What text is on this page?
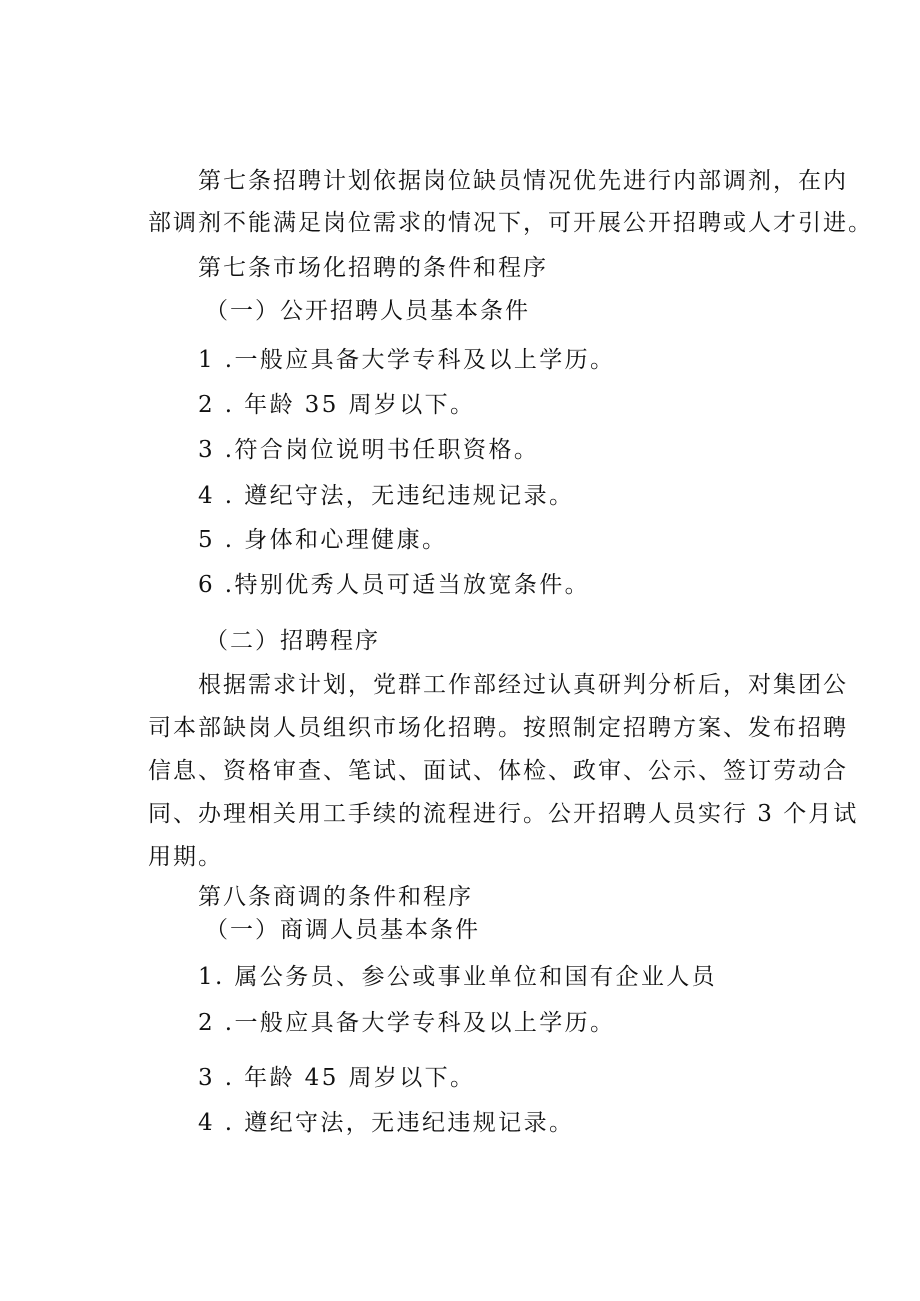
第七条招聘计划依据岗位缺员情况优先进行内部调剂，在内
部调剂不能满足岗位需求的情况下，可开展公开招聘或人才引进。
第七条市场化招聘的条件和程序
（一）公开招聘人员基本条件
1 .一般应具备大学专科及以上学历。
2 . 年龄 35 周岁以下。
3 .符合岗位说明书任职资格。
4 . 遵纪守法，无违纪违规记录。
5 . 身体和心理健康。
6 .特别优秀人员可适当放宽条件。
（二）招聘程序
根据需求计划，党群工作部经过认真研判分析后，对集团公
司本部缺岗人员组织市场化招聘。按照制定招聘方案、发布招聘
信息、资格审查、笔试、面试、体检、政审、公示、签订劳动合
同、办理相关用工手续的流程进行。公开招聘人员实行 3 个月试
用期。
第八条商调的条件和程序
（一）商调人员基本条件
1. 属公务员、参公或事业单位和国有企业人员
2 .一般应具备大学专科及以上学历。
3 . 年龄 45 周岁以下。
4 . 遵纪守法，无违纪违规记录。
